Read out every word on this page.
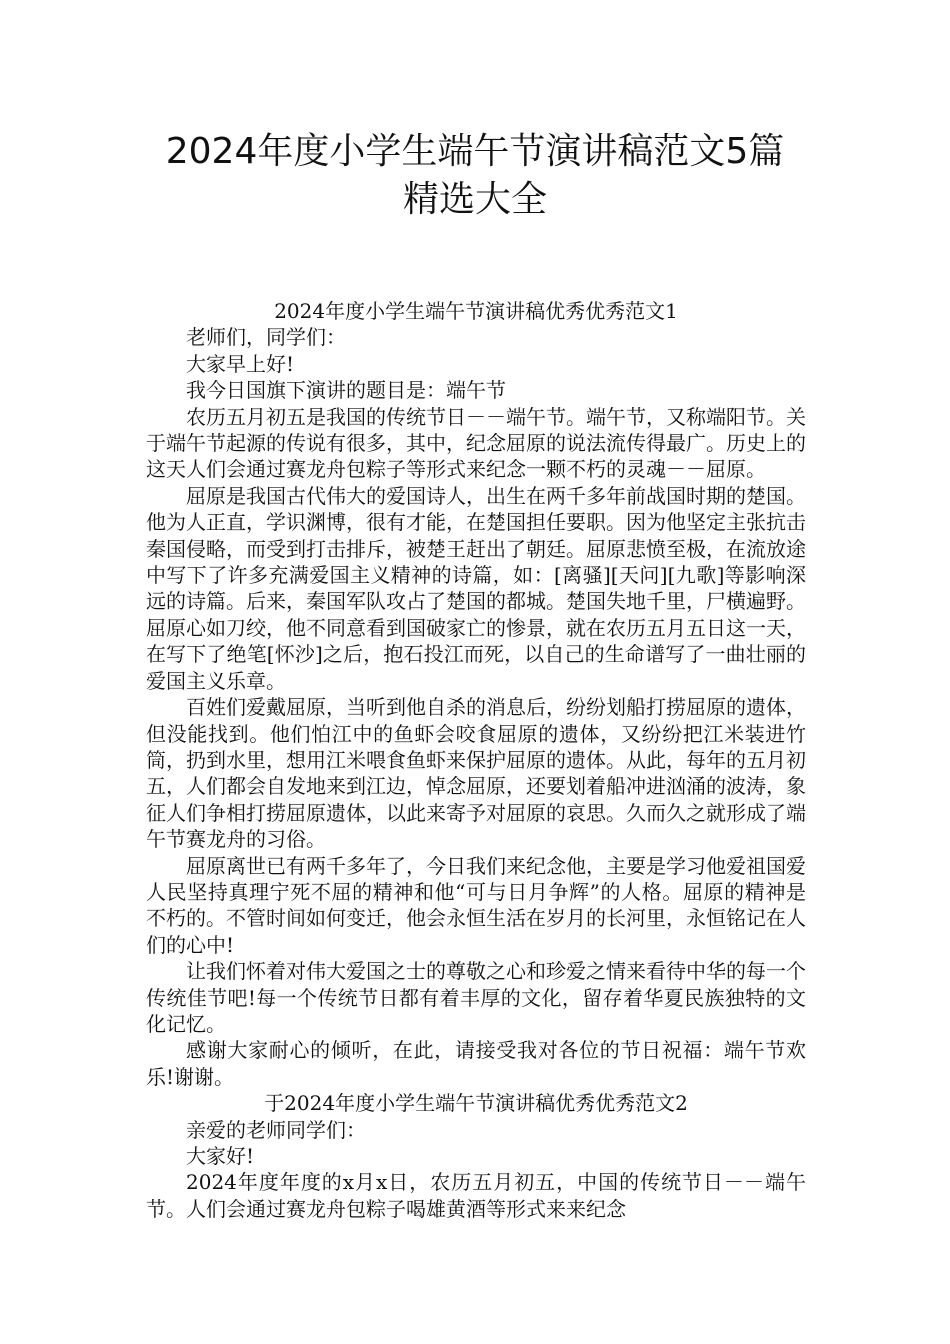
2024年度小学生端午节演讲稿范文5篇
精选大全

2024年度小学生端午节演讲稿优秀优秀范文1

老师们，同学们：

大家早上好!

我今日国旗下演讲的题目是：端午节

农历五月初五是我国的传统节日－－端午节。端午节，又称端阳节。关于端午节起源的传说有很多，其中，纪念屈原的说法流传得最广。历史上的这天人们会通过赛龙舟包粽子等形式来纪念一颗不朽的灵魂－－屈原。

屈原是我国古代伟大的爱国诗人，出生在两千多年前战国时期的楚国。他为人正直，学识渊博，很有才能，在楚国担任要职。因为他坚定主张抗击秦国侵略，而受到打击排斥，被楚王赶出了朝廷。屈原悲愤至极，在流放途中写下了许多充满爱国主义精神的诗篇，如：[离骚][天问][九歌]等影响深远的诗篇。后来，秦国军队攻占了楚国的都城。楚国失地千里，尸横遍野。屈原心如刀绞，他不同意看到国破家亡的惨景，就在农历五月五日这一天，在写下了绝笔[怀沙]之后，抱石投江而死，以自己的生命谱写了一曲壮丽的爱国主义乐章。

百姓们爱戴屈原，当听到他自杀的消息后，纷纷划船打捞屈原的遗体，但没能找到。他们怕江中的鱼虾会咬食屈原的遗体，又纷纷把江米装进竹筒，扔到水里，想用江米喂食鱼虾来保护屈原的遗体。从此，每年的五月初五，人们都会自发地来到江边，悼念屈原，还要划着船冲进汹涌的波涛，象征人们争相打捞屈原遗体，以此来寄予对屈原的哀思。久而久之就形成了端午节赛龙舟的习俗。

屈原离世已有两千多年了，今日我们来纪念他，主要是学习他爱祖国爱人民坚持真理宁死不屈的精神和他“可与日月争辉”的人格。屈原的精神是不朽的。不管时间如何变迁，他会永恒生活在岁月的长河里，永恒铭记在人们的心中!

让我们怀着对伟大爱国之士的尊敬之心和珍爱之情来看待中华的每一个传统佳节吧!每一个传统节日都有着丰厚的文化，留存着华夏民族独特的文化记忆。

感谢大家耐心的倾听，在此，请接受我对各位的节日祝福：端午节欢乐!谢谢。

于2024年度小学生端午节演讲稿优秀优秀范文2

亲爱的老师同学们：

大家好!

2024年度年度的x月x日，农历五月初五，中国的传统节日－－端午节。人们会通过赛龙舟包粽子喝雄黄酒等形式来来纪念
